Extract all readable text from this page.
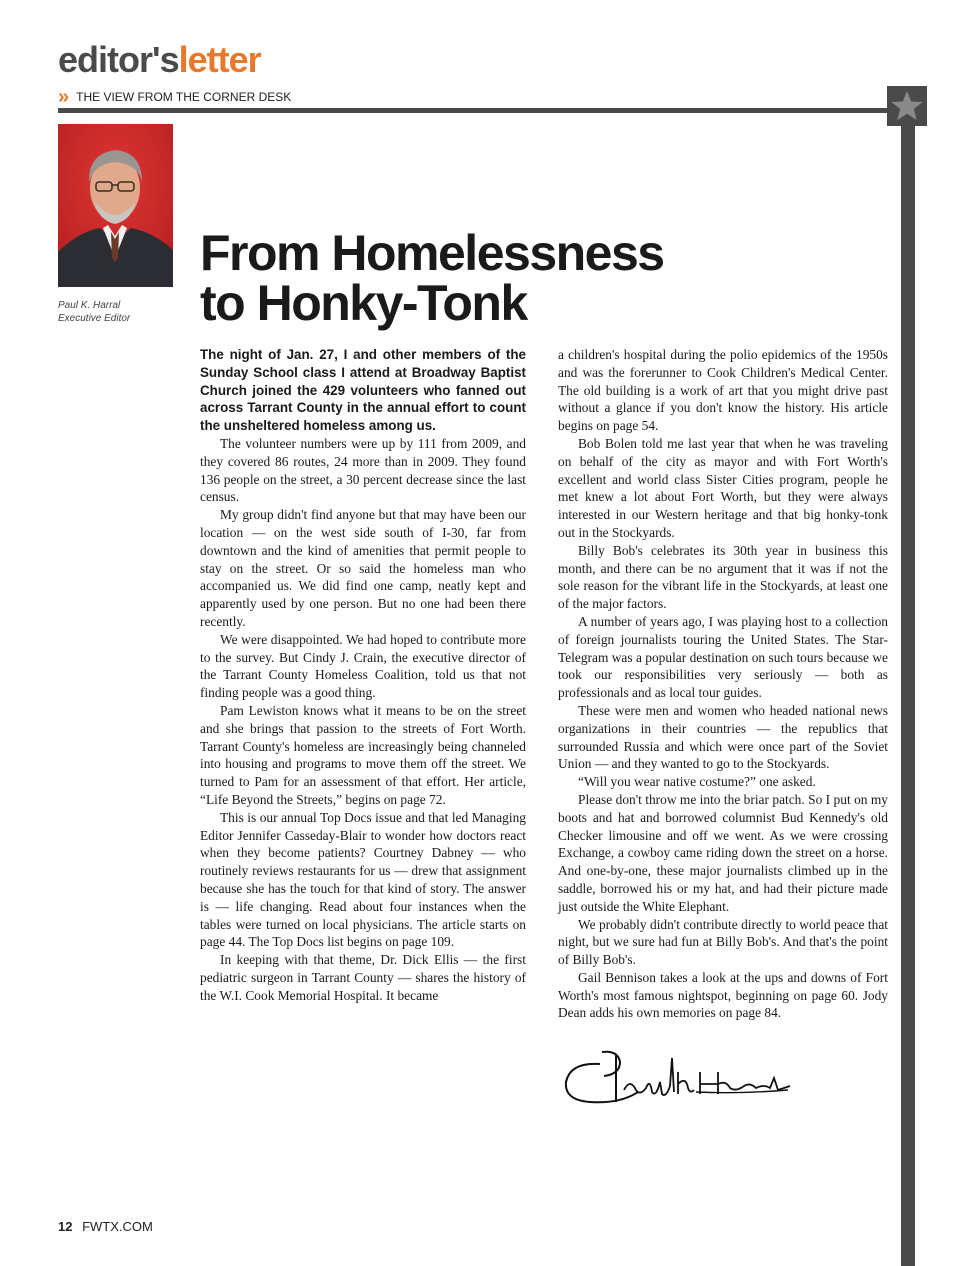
editor'sletter
» THE VIEW FROM THE CORNER DESK
Paul K. Harral
Executive Editor
From Homelessness
to Honky-Tonk

The night of Jan. 27, I and other members of the Sunday School class I attend at Broadway Baptist Church joined the 429 volunteers who fanned out across Tarrant County in the annual effort to count the unsheltered homeless among us.

The volunteer numbers were up by 111 from 2009, and they covered 86 routes, 24 more than in 2009. They found 136 people on the street, a 30 percent decrease since the last census.

My group didn't find anyone but that may have been our location — on the west side south of I-30, far from downtown and the kind of amenities that permit people to stay on the street. Or so said the homeless man who accompanied us. We did find one camp, neatly kept and apparently used by one person. But no one had been there recently.

We were disappointed. We had hoped to contribute more to the survey. But Cindy J. Crain, the executive director of the Tarrant County Homeless Coalition, told us that not finding people was a good thing.

Pam Lewiston knows what it means to be on the street and she brings that passion to the streets of Fort Worth. Tarrant County's homeless are increasingly being channeled into housing and programs to move them off the street. We turned to Pam for an assessment of that effort. Her article, “Life Beyond the Streets,” begins on page 72.

This is our annual Top Docs issue and that led Managing Editor Jennifer Casseday-Blair to wonder how doctors react when they become patients? Courtney Dabney — who routinely reviews restaurants for us — drew that assignment because she has the touch for that kind of story. The answer is — life changing. Read about four instances when the tables were turned on local physicians. The article starts on page 44. The Top Docs list begins on page 109.

In keeping with that theme, Dr. Dick Ellis — the first pediatric surgeon in Tarrant County — shares the history of the W.I. Cook Memorial Hospital. It became

a children's hospital during the polio epidemics of the 1950s and was the forerunner to Cook Children's Medical Center. The old building is a work of art that you might drive past without a glance if you don't know the history. His article begins on page 54.

Bob Bolen told me last year that when he was traveling on behalf of the city as mayor and with Fort Worth's excellent and world class Sister Cities program, people he met knew a lot about Fort Worth, but they were always interested in our Western heritage and that big honky-tonk out in the Stockyards.

Billy Bob's celebrates its 30th year in business this month, and there can be no argument that it was if not the sole reason for the vibrant life in the Stockyards, at least one of the major factors.

A number of years ago, I was playing host to a collection of foreign journalists touring the United States. The Star-Telegram was a popular destination on such tours because we took our responsibilities very seriously — both as professionals and as local tour guides.

These were men and women who headed national news organizations in their countries — the republics that surrounded Russia and which were once part of the Soviet Union — and they wanted to go to the Stockyards.

“Will you wear native costume?” one asked.

Please don't throw me into the briar patch. So I put on my boots and hat and borrowed columnist Bud Kennedy's old Checker limousine and off we went. As we were crossing Exchange, a cowboy came riding down the street on a horse. And one-by-one, these major journalists climbed up in the saddle, borrowed his or my hat, and had their picture made just outside the White Elephant.

We probably didn't contribute directly to world peace that night, but we sure had fun at Billy Bob's. And that's the point of Billy Bob's.

Gail Bennison takes a look at the ups and downs of Fort Worth's most famous nightspot, beginning on page 60. Jody Dean adds his own memories on page 84.

12 FWTX.COM
